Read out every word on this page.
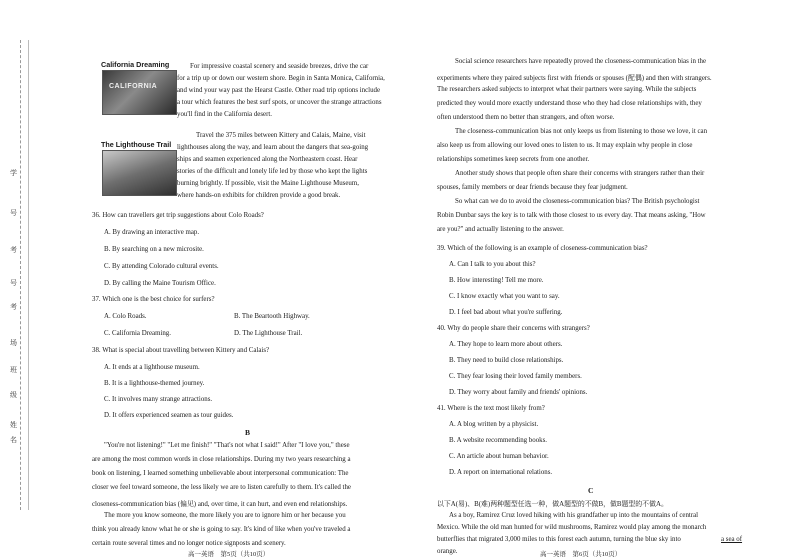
学
号
考
号
考
场
班
级
姓
名
California Dreaming
CALIFORNIA
For impressive coastal scenery and seaside breezes, drive the car
for a trip up or down our western shore. Begin in Santa Monica, California,
and wind your way past the Hearst Castle. Other road trip options include
a tour which features the best surf spots, or uncover the strange attractions
you'll find in the California desert.
The Lighthouse Trail
Travel the 375 miles between Kittery and Calais, Maine, visit
lighthouses along the way, and learn about the dangers that sea-going
ships and seamen experienced along the Northeastern coast. Hear
stories of the difficult and lonely life led by those who kept the lights
burning brightly. If possible, visit the Maine Lighthouse Museum,
where hands-on exhibits for children provide a good break.
36. How can travellers get trip suggestions about Colo Roads?
A. By drawing an interactive map.
B. By searching on a new microsite.
C. By attending Colorado cultural events.
D. By calling the Maine Tourism Office.
37. Which one is the best choice for surfers?
A. Colo Roads.	B. The Beartooth Highway.
C. California Dreaming.	D. The Lighthouse Trail.
38. What is special about travelling between Kittery and Calais?
A. It ends at a lighthouse museum.
B. It is a lighthouse-themed journey.
C. It involves many strange attractions.
D. It offers experienced seamen as tour guides.
B
"You're not listening!" "Let me finish!" "That's not what I said!" After "I love you," these
are among the most common words in close relationships. During my two years researching a
book on listening, I learned something unbelievable about interpersonal communication: The
closer we feel toward someone, the less likely we are to listen carefully to them. It's called the
closeness-communication bias (偏见) and, over time, it can hurt, and even end relationships.
The more you know someone, the more likely you are to ignore him or her because you
think you already know what he or she is going to say. It's kind of like when you've traveled a
certain route several times and no longer notice signposts and scenery.
Social science researchers have repeatedly proved the closeness-communication bias in the
experiments where they paired subjects first with friends or spouses (配偶) and then with strangers.
The researchers asked subjects to interpret what their partners were saying. While the subjects
predicted they would more exactly understand those who they had close relationships with, they
often understood them no better than strangers, and often worse.
The closeness-communication bias not only keeps us from listening to those we love, it can
also keep us from allowing our loved ones to listen to us. It may explain why people in close
relationships sometimes keep secrets from one another.
Another study shows that people often share their concerns with strangers rather than their
spouses, family members or dear friends because they fear judgment.
So what can we do to avoid the closeness-communication bias? The British psychologist
Robin Dunbar says the key is to talk with those closest to us every day. That means asking, "How
are you?" and actually listening to the answer.
39. Which of the following is an example of closeness-communication bias?
A. Can I talk to you about this?
B. How interesting! Tell me more.
C. I know exactly what you want to say.
D. I feel bad about what you're suffering.
40. Why do people share their concerns with strangers?
A. They hope to learn more about others.
B. They need to build close relationships.
C. They fear losing their loved family members.
D. They worry about family and friends' opinions.
41. Where is the text most likely from?
A. A blog written by a physicist.
B. A website recommending books.
C. An article about human behavior.
D. A report on international relations.
C
以下A(易)、B(难)两种题型任选一种，做A题型的不做B，做B题型的不做A。
As a boy, Ramirez Cruz loved hiking with his grandfather up into the mountains of central
Mexico. While the old man hunted for wild mushrooms, Ramirez would play among the monarch
butterflies that migrated 3,000 miles to this forest each autumn, turning the blue sky into	a sea of
orange.
高一英语　第5页（共10页）	高一英语　第6页（共10页）
